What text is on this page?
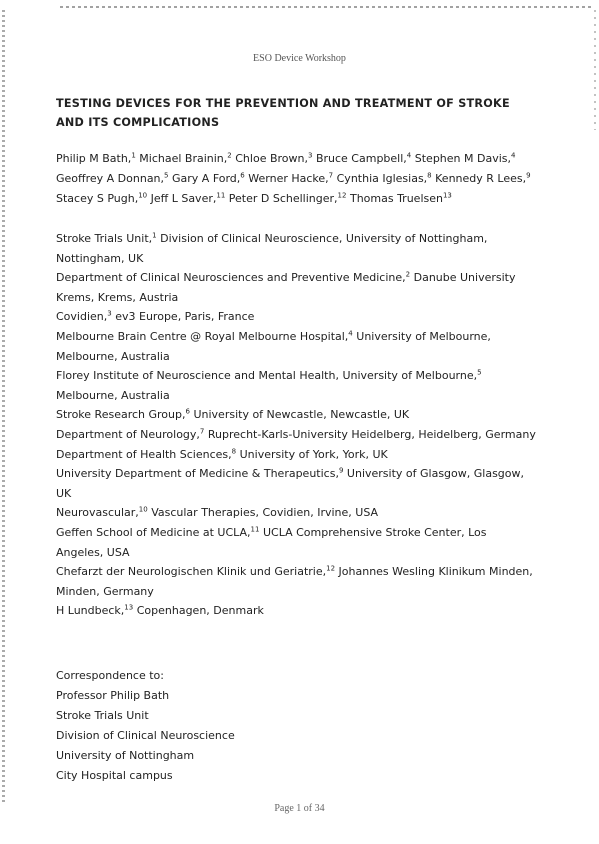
ESO Device Workshop
TESTING DEVICES FOR THE PREVENTION AND TREATMENT OF STROKE AND ITS COMPLICATIONS
Philip M Bath,$^1$ Michael Brainin,$^2$ Chloe Brown,$^3$ Bruce Campbell,$^4$ Stephen M Davis,$^4$ Geoffrey A Donnan,$^5$ Gary A Ford,$^6$ Werner Hacke,$^7$ Cynthia Iglesias,$^8$ Kennedy R Lees,$^9$ Stacey S Pugh,$^{10}$ Jeff L Saver,$^{11}$ Peter D Schellinger,$^{12}$ Thomas Truelsen$^{13}$
Stroke Trials Unit,$^1$ Division of Clinical Neuroscience, University of Nottingham, Nottingham, UK
Department of Clinical Neurosciences and Preventive Medicine,$^2$ Danube University Krems, Krems, Austria
Covidien,$^3$ ev3 Europe, Paris, France
Melbourne Brain Centre @ Royal Melbourne Hospital,$^4$ University of Melbourne, Melbourne, Australia
Florey Institute of Neuroscience and Mental Health, University of Melbourne,$^5$ Melbourne, Australia
Stroke Research Group,$^6$ University of Newcastle, Newcastle, UK
Department of Neurology,$^7$ Ruprecht-Karls-University Heidelberg, Heidelberg, Germany
Department of Health Sciences,$^8$ University of York, York, UK
University Department of Medicine & Therapeutics,$^9$ University of Glasgow, Glasgow, UK
Neurovascular,$^{10}$ Vascular Therapies, Covidien, Irvine, USA
Geffen School of Medicine at UCLA,$^{11}$ UCLA Comprehensive Stroke Center, Los Angeles, USA
Chefarzt der Neurologischen Klinik und Geriatrie,$^{12}$ Johannes Wesling Klinikum Minden, Minden, Germany
H Lundbeck,$^{13}$ Copenhagen, Denmark
Correspondence to:
Professor Philip Bath
Stroke Trials Unit
Division of Clinical Neuroscience
University of Nottingham
City Hospital campus
Page 1 of 34
